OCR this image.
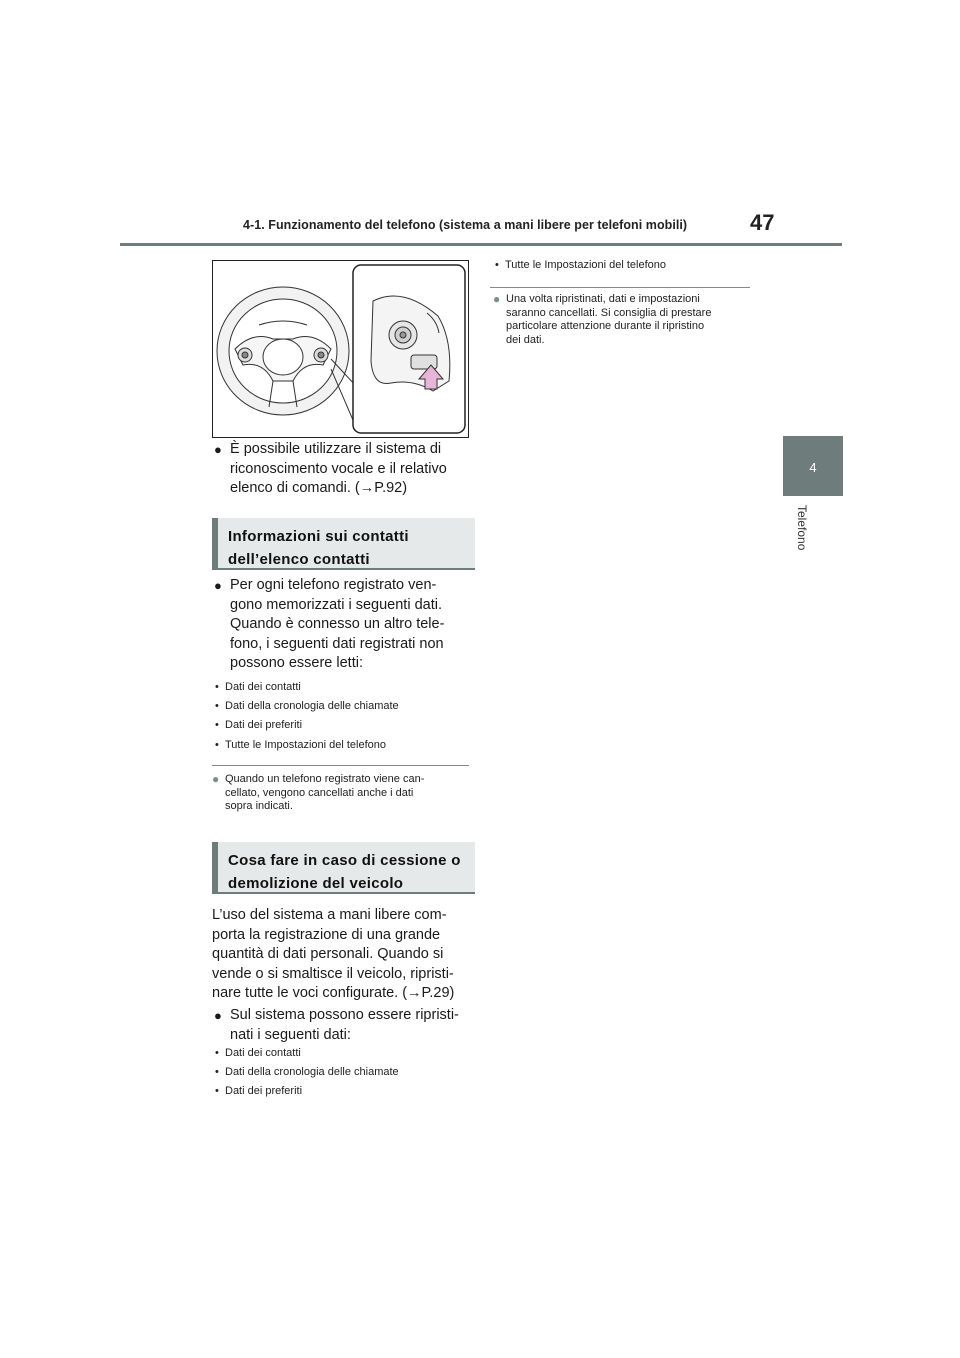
4-1. Funzionamento del telefono (sistema a mani libere per telefoni mobili)	47
4
Telefono
● È possibile utilizzare il sistema di
riconoscimento vocale e il relativo
elenco di comandi. (→P.92)
Informazioni sui contatti
dell’elenco contatti
● Per ogni telefono registrato ven-
gono memorizzati i seguenti dati.
Quando è connesso un altro tele-
fono, i seguenti dati registrati non
possono essere letti:
• Dati dei contatti
• Dati della cronologia delle chiamate
• Dati dei preferiti
• Tutte le Impostazioni del telefono
● Quando un telefono registrato viene can-
cellato, vengono cancellati anche i dati
sopra indicati.
Cosa fare in caso di cessione o
demolizione del veicolo
L’uso del sistema a mani libere com-
porta la registrazione di una grande
quantità di dati personali. Quando si
vende o si smaltisce il veicolo, ripristi-
nare tutte le voci configurate. (→P.29)
● Sul sistema possono essere ripristi-
nati i seguenti dati:
• Dati dei contatti
• Dati della cronologia delle chiamate
• Dati dei preferiti
• Tutte le Impostazioni del telefono
● Una volta ripristinati, dati e impostazioni
saranno cancellati. Si consiglia di prestare
particolare attenzione durante il ripristino
dei dati.
